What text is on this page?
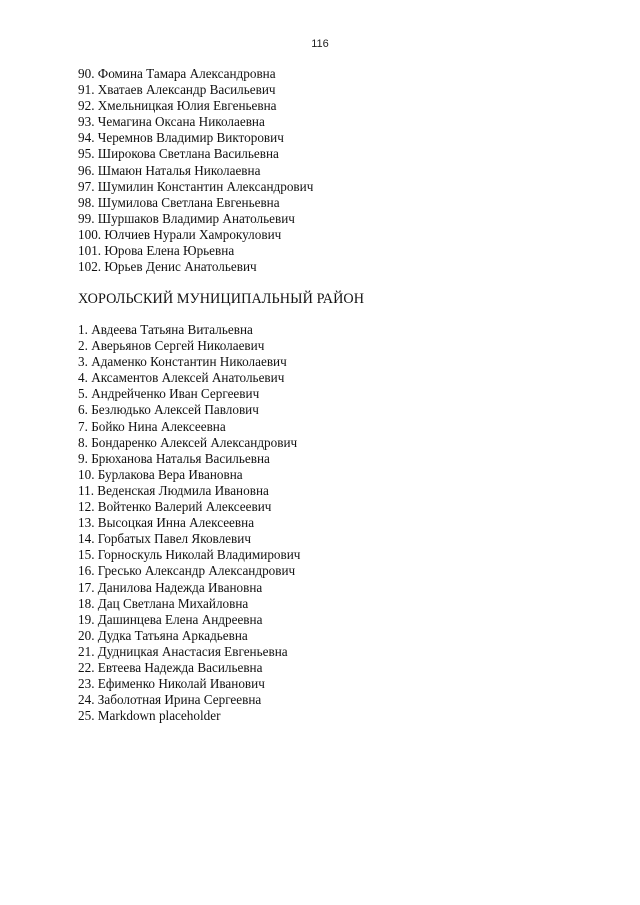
116
90. Фомина Тамара Александровна
91. Хватаев Александр Васильевич
92. Хмельницкая Юлия Евгеньевна
93. Чемагина Оксана Николаевна
94. Черемнов Владимир Викторович
95. Широкова Светлана Васильевна
96. Шмаюн Наталья Николаевна
97. Шумилин Константин Александрович
98. Шумилова Светлана Евгеньевна
99. Шуршаков Владимир Анатольевич
100. Юлчиев Нурали Хамрокулович
101. Юрова Елена Юрьевна
102. Юрьев Денис Анатольевич
ХОРОЛЬСКИЙ МУНИЦИПАЛЬНЫЙ РАЙОН
1. Авдеева Татьяна Витальевна
2. Аверьянов Сергей Николаевич
3. Адаменко Константин Николаевич
4. Аксаментов Алексей Анатольевич
5. Андрейченко Иван Сергеевич
6. Безлюдько Алексей Павлович
7. Бойко Нина Алексеевна
8. Бондаренко Алексей Александрович
9. Брюханова Наталья Васильевна
10. Бурлакова Вера Ивановна
11. Веденская Людмила Ивановна
12. Войтенко Валерий Алексеевич
13. Высоцкая Инна Алексеевна
14. Горбатых Павел Яковлевич
15. Горноскуль Николай Владимирович
16. Гресько Александр Александрович
17. Данилова Надежда Ивановна
18. Дац Светлана Михайловна
19. Дашинцева Елена Андреевна
20. Дудка Татьяна Аркадьевна
21. Дудницкая Анастасия Евгеньевна
22. Евтеева Надежда Васильевна
23. Ефименко Николай Иванович
24. Заболотная Ирина Сергеевна
25. Markdown placeholder
